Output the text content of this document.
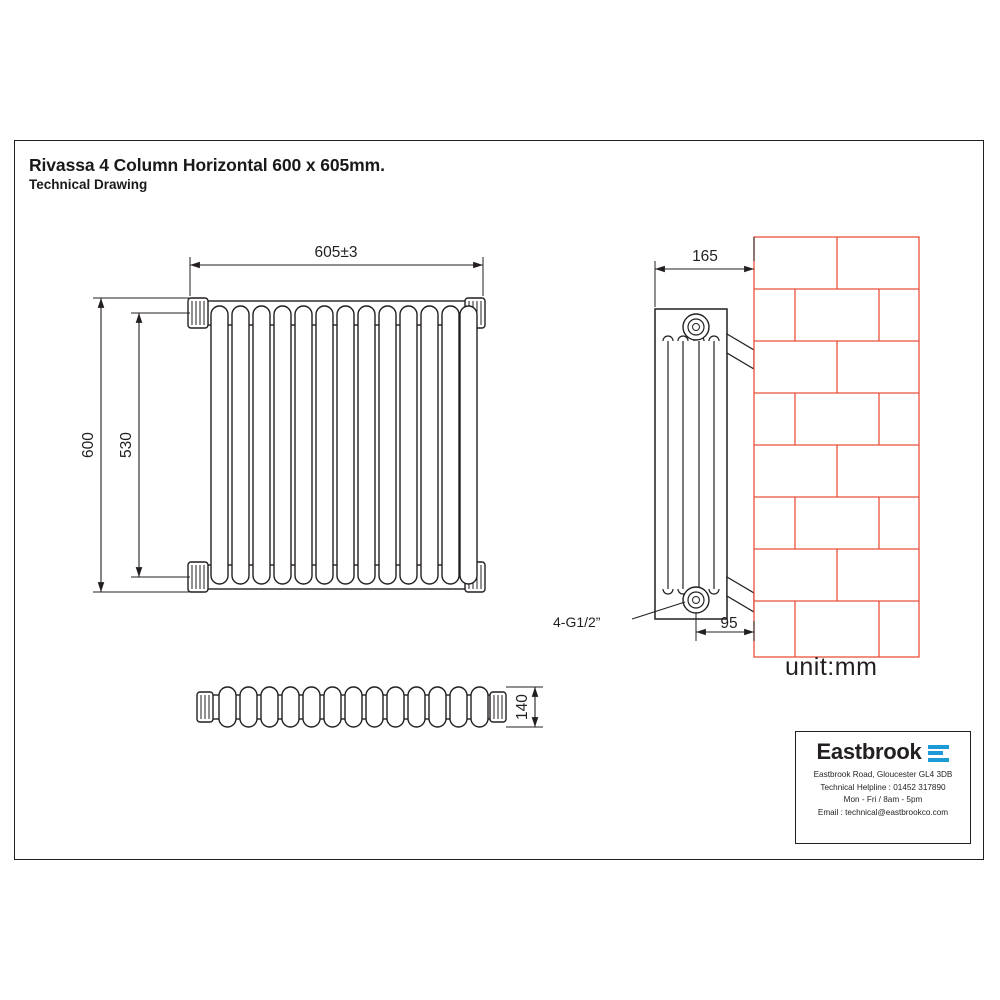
Rivassa 4 Column Horizontal 600 x 605mm.
Technical Drawing
605±3
600 530
140
165
95
4-G1/2”
unit:mm
Eastbrook
Eastbrook Road, Gloucester GL4 3DB
Technical Helpline : 01452 317890
Mon - Fri / 8am - 5pm
Email : technical@eastbrookco.com
